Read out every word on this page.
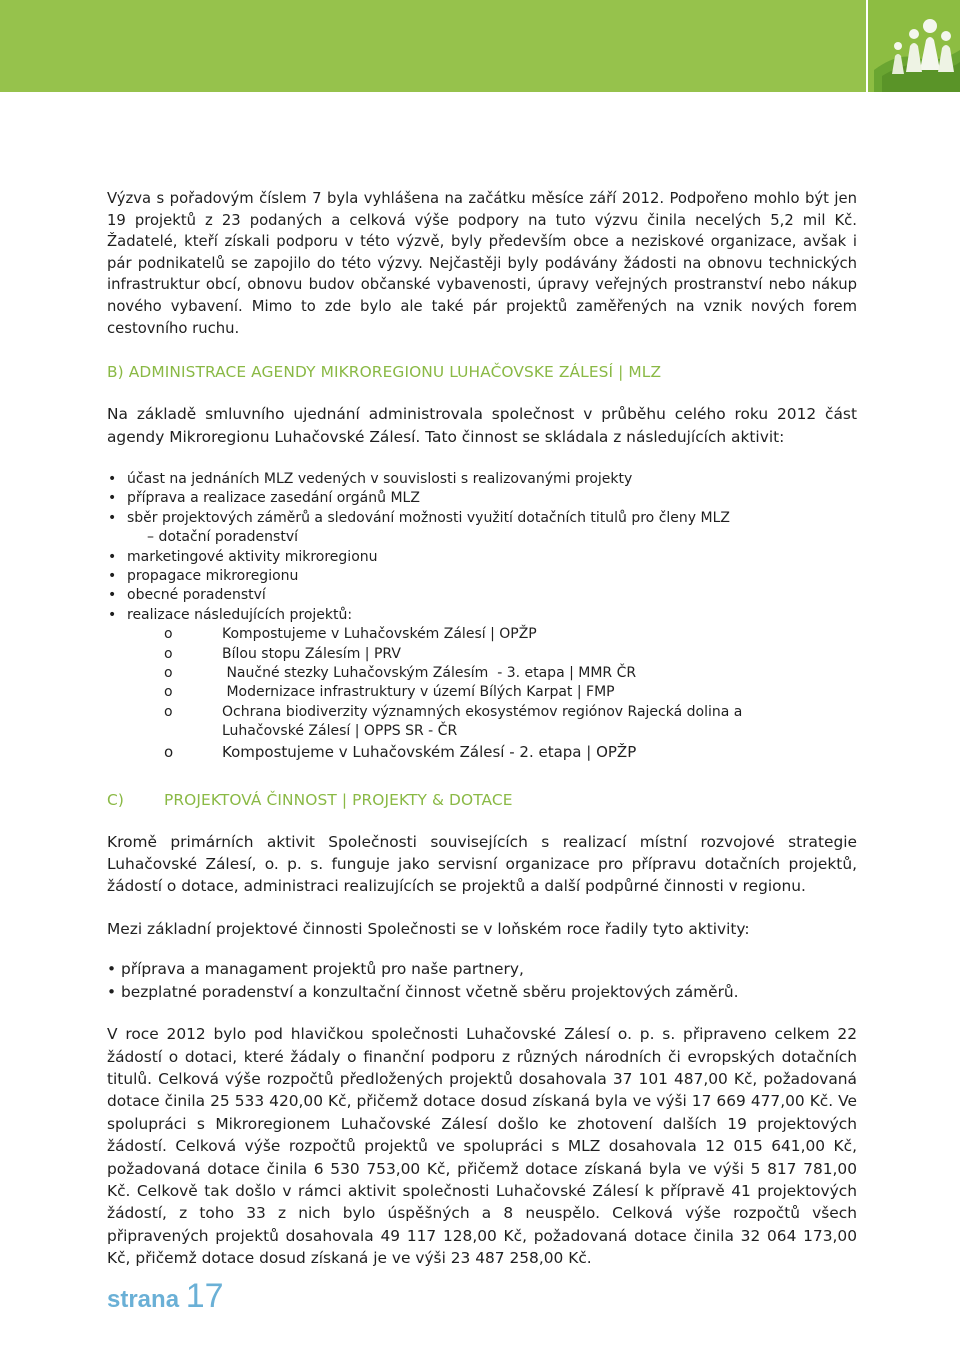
Výzva s pořadovým číslem 7 byla vyhlášena na začátku měsíce září 2012. Podpořeno mohlo být jen 19 projektů z 23 podaných a celková výše podpory na tuto výzvu činila necelých 5,2 mil Kč. Žadatelé, kteří získali podporu v této výzvě, byly především obce a neziskové organizace, avšak i pár podnikatelů se zapojilo do této výzvy. Nejčastěji byly podávány žádosti na obnovu technických infrastruktur obcí, obnovu budov občanské vybavenosti, úpravy veřejných prostranství nebo nákup nového vybavení. Mimo to zde bylo ale také pár projektů zaměřených na vznik nových forem cestovního ruchu.

B) ADMINISTRACE AGENDY MIKROREGIONU LUHAČOVSKE ZÁLESÍ | MLZ

Na základě smluvního ujednání administrovala společnost v průběhu celého roku 2012 část agendy Mikroregionu Luhačovské Zálesí. Tato činnost se skládala z následujících aktivit:

• účast na jednáních MLZ vedených v souvislosti s realizovanými projekty
• příprava a realizace zasedání orgánů MLZ
• sběr projektových záměrů a sledování možnosti využití dotačních titulů pro členy MLZ
– dotační poradenství
• marketingové aktivity mikroregionu
• propagace mikroregionu
• obecné poradenství
• realizace následujících projektů:
o	Kompostujeme v Luhačovském Zálesí | OPŽP
o	Bílou stopu Zálesím | PRV
o	Naučné stezky Luhačovským Zálesím  - 3. etapa | MMR ČR
o	Modernizace infrastruktury v území Bílých Karpat | FMP
o	Ochrana biodiverzity významných ekosystémov regiónov Rajecká dolina a Luhačovské Zálesí | OPPS SR - ČR
o	Kompostujeme v Luhačovském Zálesí - 2. etapa | OPŽP
C)	PROJEKTOVÁ ČINNOST | PROJEKTY & DOTACE

Kromě primárních aktivit Společnosti souvisejících s realizací místní rozvojové strategie Luhačovské Zálesí, o. p. s. funguje jako servisní organizace pro přípravu dotačních projektů, žádostí o dotace, administraci realizujících se projektů a další podpůrné činnosti v regionu.

Mezi základní projektové činnosti Společnosti se v loňském roce řadily tyto aktivity:

• příprava a managament projektů pro naše partnery,
• bezplatné poradenství a konzultační činnost včetně sběru projektových záměrů.

V roce 2012 bylo pod hlavičkou společnosti Luhačovské Zálesí o. p. s. připraveno celkem 22 žádostí o dotaci, které žádaly o finanční podporu z různých národních či evropských dotačních titulů. Celková výše rozpočtů předložených projektů dosahovala 37 101 487,00 Kč, požadovaná dotace činila 25 533 420,00 Kč, přičemž dotace dosud získaná byla ve výši 17 669 477,00 Kč. Ve spolupráci s Mikroregionem Luhačovské Zálesí došlo ke zhotovení dalších 19 projektových žádostí. Celková výše rozpočtů projektů ve spolupráci s MLZ dosahovala 12 015 641,00 Kč, požadovaná dotace činila 6 530 753,00 Kč, přičemž dotace získaná byla ve výši 5 817 781,00 Kč. Celkově tak došlo v rámci aktivit společnosti Luhačovské Zálesí k přípravě 41 projektových žádostí, z toho 33 z nich bylo úspěšných a 8 neuspělo. Celková výše rozpočtů všech připravených projektů dosahovala 49 117 128,00 Kč, požadovaná dotace činila 32 064 173,00 Kč, přičemž dotace dosud získaná je ve výši 23 487 258,00 Kč.

strana 17
